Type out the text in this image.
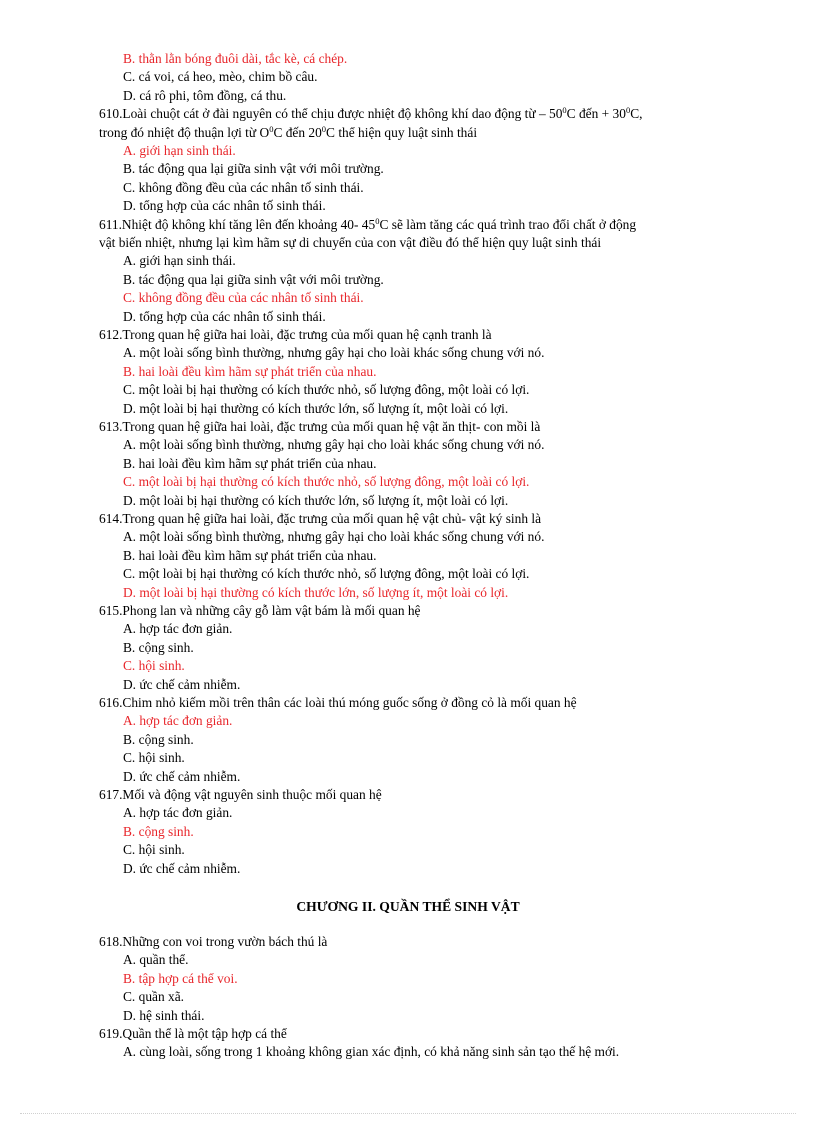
B. thằn lằn bóng đuôi dài, tắc kè, cá chép.
C. cá voi, cá heo, mèo, chim bồ câu.
D. cá rô phi, tôm đồng, cá thu.
610.Loài chuột cát ở đài nguyên có thể chịu được nhiệt độ không khí dao động từ – $50^0C$ đến + $30^0C$,
trong đó nhiệt độ thuận lợi từ $O^0C$ đến $20^0C$ thể hiện quy luật sinh thái
A. giới hạn sinh thái.
B. tác động qua lại giữa sinh vật với môi trường.
C. không đồng đều của các nhân tố sinh thái.
D. tổng hợp của các nhân tố sinh thái.
611.Nhiệt độ không khí tăng lên đến khoảng 40- $45^0C$ sẽ làm tăng các quá trình trao đổi chất ở động
vật biến nhiệt, nhưng lại kìm hãm sự di chuyển của con vật điều đó thể hiện quy luật sinh thái
A. giới hạn sinh thái.
B. tác động qua lại giữa sinh vật với môi trường.
C. không đồng đều của các nhân tố sinh thái.
D. tổng hợp của các nhân tố sinh thái.
612.Trong quan hệ giữa hai loài, đặc trưng của mối quan hệ cạnh tranh là
A. một loài sống bình thường, nhưng gây hại cho loài khác sống chung với nó.
B. hai loài đều kìm hãm sự phát triển của nhau.
C. một loài bị hại thường có kích thước nhỏ, số lượng đông, một loài có lợi.
D. một loài bị hại thường có kích thước lớn, số lượng ít, một loài có lợi.
613.Trong quan hệ giữa hai loài, đặc trưng của mối quan hệ vật ăn thịt- con mồi là
A. một loài sống bình thường, nhưng gây hại cho loài khác sống chung với nó.
B. hai loài đều kìm hãm sự phát triển của nhau.
C. một loài bị hại thường có kích thước nhỏ, số lượng đông, một loài có lợi.
D. một loài bị hại thường có kích thước lớn, số lượng ít, một loài có lợi.
614.Trong quan hệ giữa hai loài, đặc trưng của mối quan hệ vật chủ- vật ký sinh là
A. một loài sống bình thường, nhưng gây hại cho loài khác sống chung với nó.
B. hai loài đều kìm hãm sự phát triển của nhau.
C. một loài bị hại thường có kích thước nhỏ, số lượng đông, một loài có lợi.
D. một loài bị hại thường có kích thước lớn, số lượng ít, một loài có lợi.
615.Phong lan và những cây gỗ làm vật bám là mối quan hệ
A. hợp tác đơn giản.
B. cộng sinh.
C. hội sinh.
D. ức chế cảm nhiễm.
616.Chim nhỏ kiếm mồi trên thân các loài thú móng guốc sống ở đồng cỏ là mối quan hệ
A. hợp tác đơn giản.
B. cộng sinh.
C. hội sinh.
D. ức chế cảm nhiễm.
617.Mối và động vật nguyên sinh thuộc mối quan hệ
A. hợp tác đơn giản.
B. cộng sinh.
C. hội sinh.
D. ức chế cảm nhiễm.
CHƯƠNG II. QUẦN THỂ SINH VẬT
618.Những con voi trong vườn bách thú là
A. quần thể.
B. tập hợp cá thể voi.
C. quần xã.
D. hệ sinh thái.
619.Quần thể là một tập hợp cá thể
A. cùng loài, sống trong 1 khoảng không gian xác định, có khả năng sinh sản tạo thế hệ mới.
